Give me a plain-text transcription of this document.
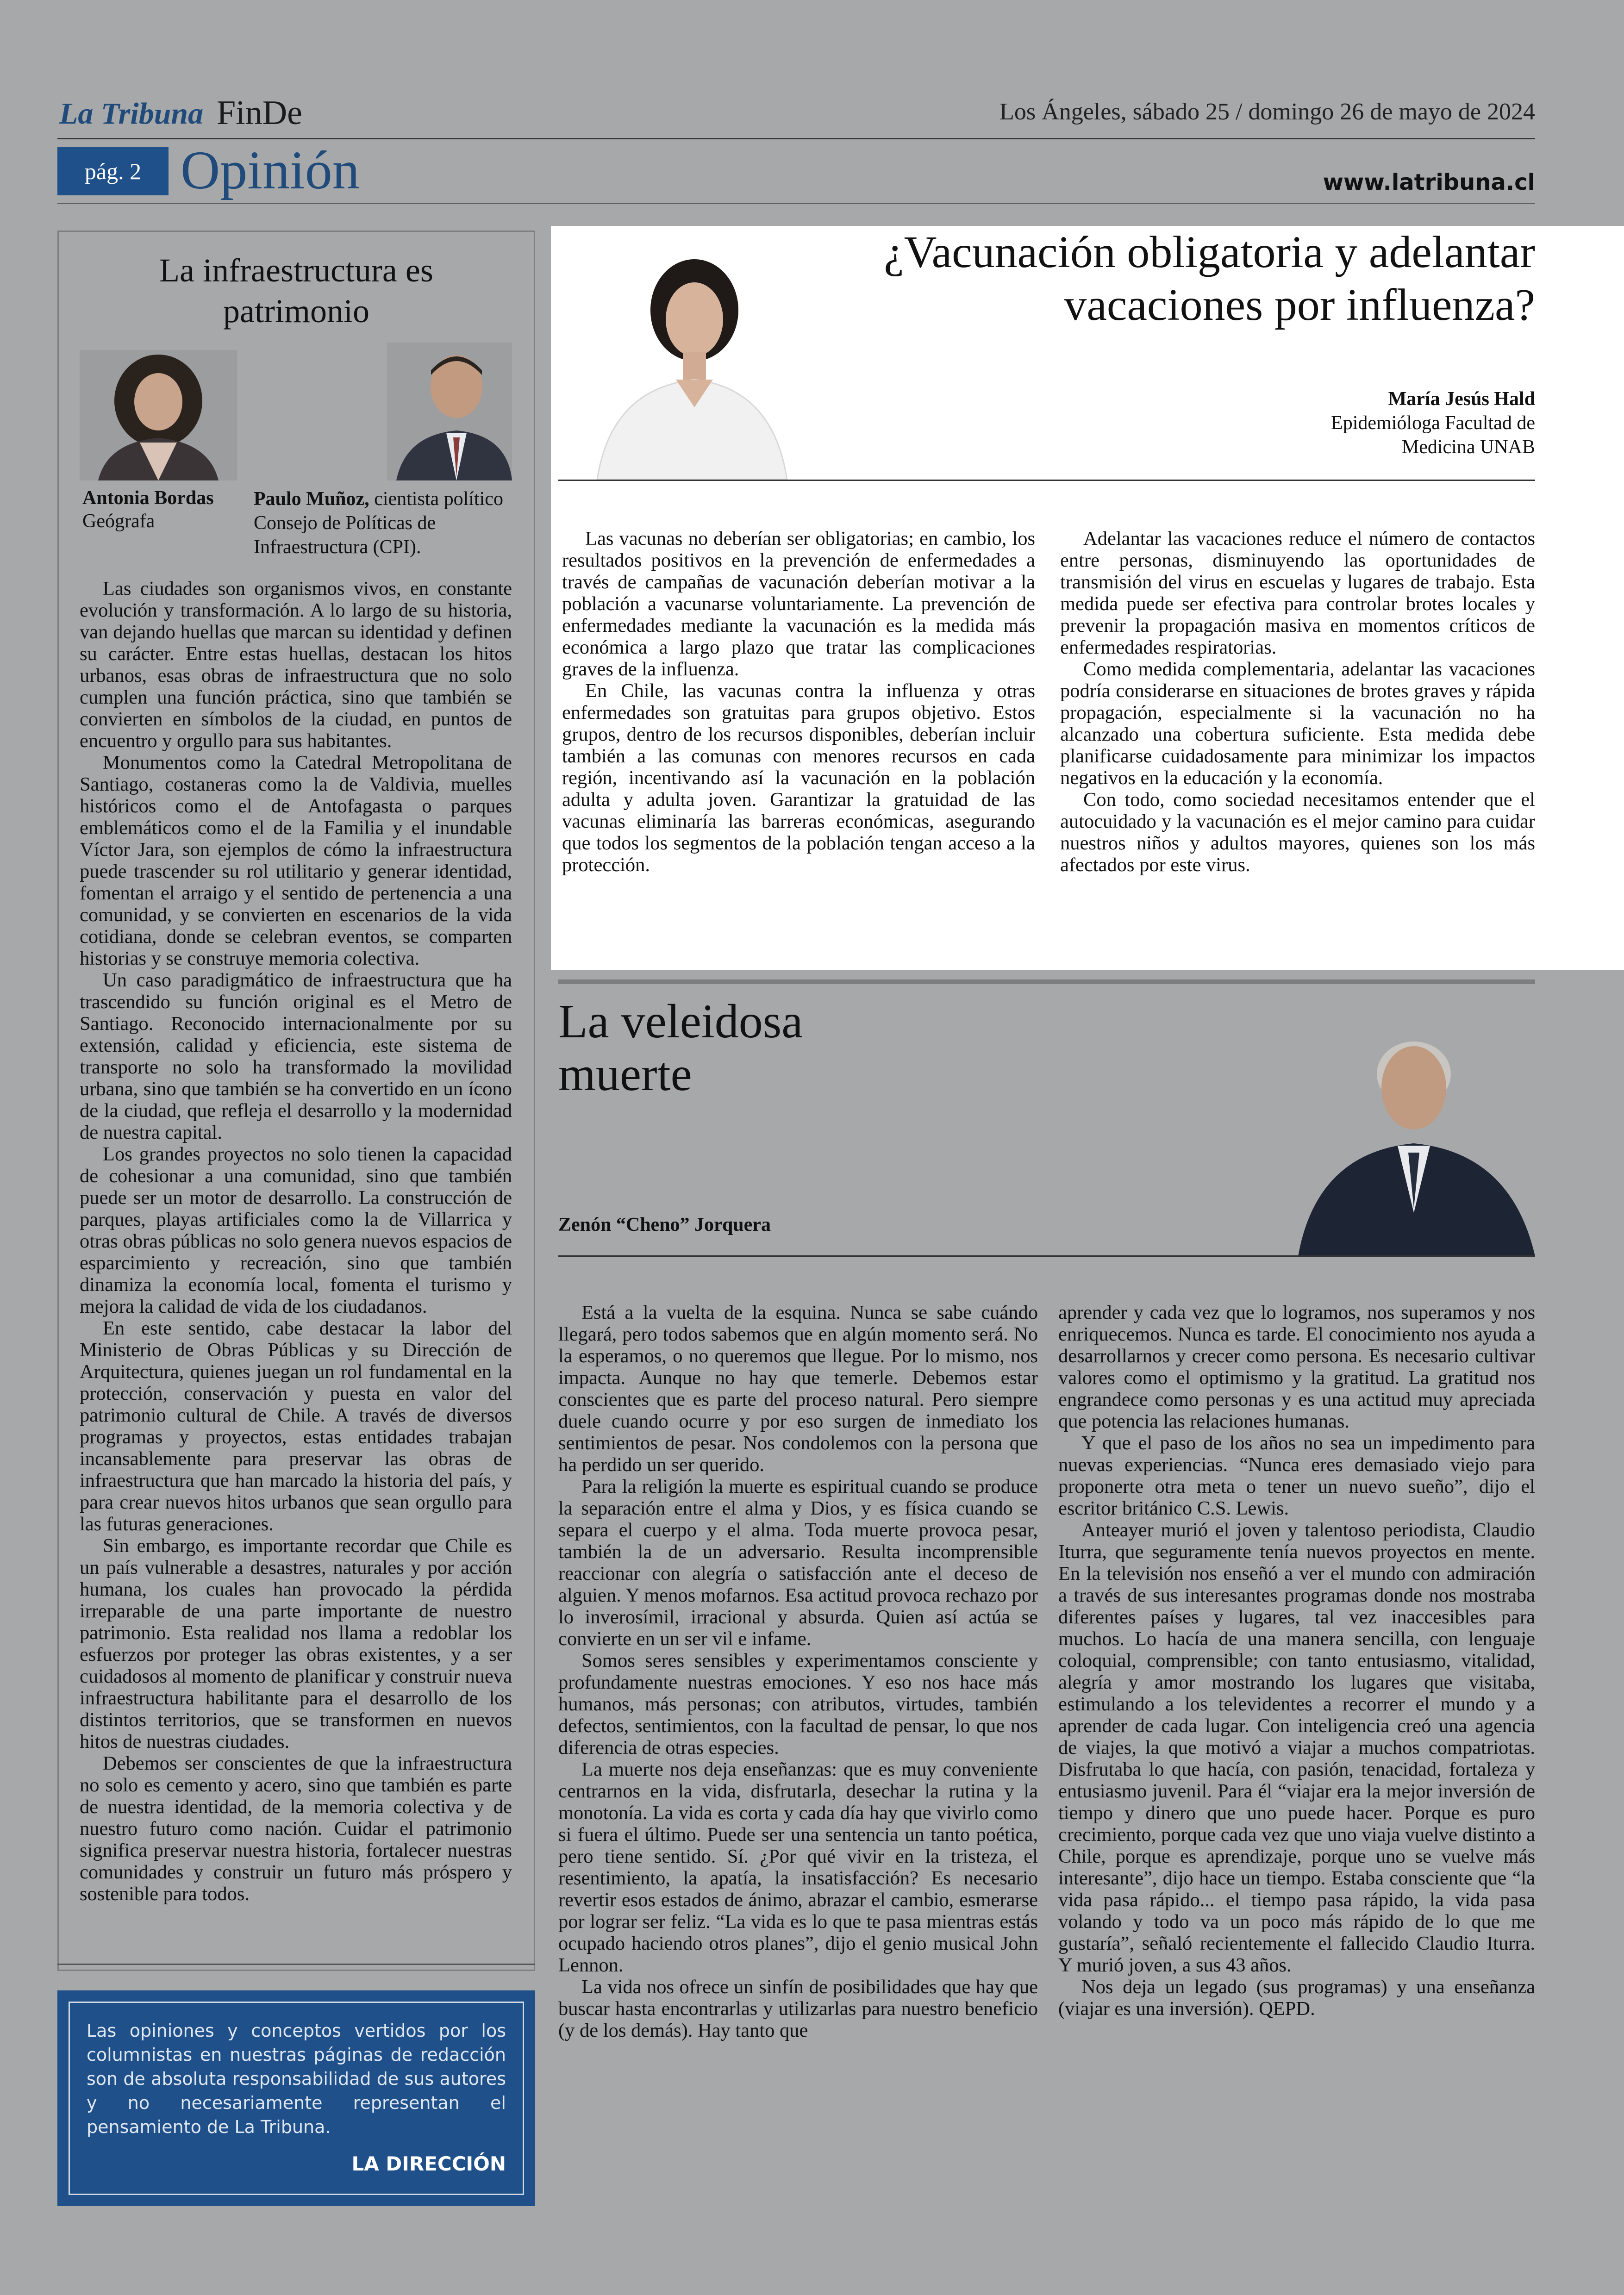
La Tribuna FinDe	Los Ángeles, sábado 25 / domingo 26 de mayo de 2024
pág. 2 Opinión	www.latribuna.cl
La infraestructura es
patrimonio
Antonia Bordas
Geógrafa
Paulo Muñoz, cientista político
Consejo de Políticas de
Infraestructura (CPI).

Las ciudades son organismos vivos, en constante evolución y transformación. A lo largo de su historia, van dejando huellas que marcan su identidad y definen su carácter. Entre estas huellas, destacan los hitos urbanos, esas obras de infraestructura que no solo cumplen una función práctica, sino que también se convierten en símbolos de la ciudad, en puntos de encuentro y orgullo para sus habitantes.

Monumentos como la Catedral Metropolitana de Santiago, costaneras como la de Valdivia, muelles históricos como el de Antofagasta o parques emblemáticos como el de la Familia y el inundable Víctor Jara, son ejemplos de cómo la infraestructura puede trascender su rol utilitario y generar identidad, fomentan el arraigo y el sentido de pertenencia a una comunidad, y se convierten en escenarios de la vida cotidiana, donde se celebran eventos, se comparten historias y se construye memoria colectiva.

Un caso paradigmático de infraestructura que ha trascendido su función original es el Metro de Santiago. Reconocido internacionalmente por su extensión, calidad y eficiencia, este sistema de transporte no solo ha transformado la movilidad urbana, sino que también se ha convertido en un ícono de la ciudad, que refleja el desarrollo y la modernidad de nuestra capital.

Los grandes proyectos no solo tienen la capacidad de cohesionar a una comunidad, sino que también puede ser un motor de desarrollo. La construcción de parques, playas artificiales como la de Villarrica y otras obras públicas no solo genera nuevos espacios de esparcimiento y recreación, sino que también dinamiza la economía local, fomenta el turismo y mejora la calidad de vida de los ciudadanos.

En este sentido, cabe destacar la labor del Ministerio de Obras Públicas y su Dirección de Arquitectura, quienes juegan un rol fundamental en la protección, conservación y puesta en valor del patrimonio cultural de Chile. A través de diversos programas y proyectos, estas entidades trabajan incansablemente para preservar las obras de infraestructura que han marcado la historia del país, y para crear nuevos hitos urbanos que sean orgullo para las futuras generaciones.

Sin embargo, es importante recordar que Chile es un país vulnerable a desastres, naturales y por acción humana, los cuales han provocado la pérdida irreparable de una parte importante de nuestro patrimonio. Esta realidad nos llama a redoblar los esfuerzos por proteger las obras existentes, y a ser cuidadosos al momento de planificar y construir nueva infraestructura habilitante para el desarrollo de los distintos territorios, que se transformen en nuevos hitos de nuestras ciudades.

Debemos ser conscientes de que la infraestructura no solo es cemento y acero, sino que también es parte de nuestra identidad, de la memoria colectiva y de nuestro futuro como nación. Cuidar el patrimonio significa preservar nuestra historia, fortalecer nuestras comunidades y construir un futuro más próspero y sostenible para todos.

Las opiniones y conceptos vertidos por los columnistas en nuestras páginas de redacción son de absoluta responsabilidad de sus autores y no necesariamente representan el pensamiento de La Tribuna.
LA DIRECCIÓN
¿Vacunación obligatoria y adelantar
vacaciones por influenza?
María Jesús Hald
Epidemióloga Facultad de
Medicina UNAB

Las vacunas no deberían ser obligatorias; en cambio, los resultados positivos en la prevención de enfermedades a través de campañas de vacunación deberían motivar a la población a vacunarse voluntariamente. La prevención de enfermedades mediante la vacunación es la medida más económica a largo plazo que tratar las complicaciones graves de la influenza.

En Chile, las vacunas contra la influenza y otras enfermedades son gratuitas para grupos objetivo. Estos grupos, dentro de los recursos disponibles, deberían incluir también a las comunas con menores recursos en cada región, incentivando así la vacunación en la población adulta y adulta joven. Garantizar la gratuidad de las vacunas eliminaría las barreras económicas, asegurando que todos los segmentos de la población tengan acceso a la protección.

Adelantar las vacaciones reduce el número de contactos entre personas, disminuyendo las oportunidades de transmisión del virus en escuelas y lugares de trabajo. Esta medida puede ser efectiva para controlar brotes locales y prevenir la propagación masiva en momentos críticos de enfermedades respiratorias.

Como medida complementaria, adelantar las vacaciones podría considerarse en situaciones de brotes graves y rápida propagación, especialmente si la vacunación no ha alcanzado una cobertura suficiente. Esta medida debe planificarse cuidadosamente para minimizar los impactos negativos en la educación y la economía.

Con todo, como sociedad necesitamos entender que el autocuidado y la vacunación es el mejor camino para cuidar nuestros niños y adultos mayores, quienes son los más afectados por este virus.

La veleidosa
muerte
Zenón “Cheno” Jorquera

Está a la vuelta de la esquina. Nunca se sabe cuándo llegará, pero todos sabemos que en algún momento será. No la esperamos, o no queremos que llegue. Por lo mismo, nos impacta. Aunque no hay que temerle. Debemos estar conscientes que es parte del proceso natural. Pero siempre duele cuando ocurre y por eso surgen de inmediato los sentimientos de pesar. Nos condolemos con la persona que ha perdido un ser querido.

Para la religión la muerte es espiritual cuando se produce la separación entre el alma y Dios, y es física cuando se separa el cuerpo y el alma. Toda muerte provoca pesar, también la de un adversario. Resulta incomprensible reaccionar con alegría o satisfacción ante el deceso de alguien. Y menos mofarnos. Esa actitud provoca rechazo por lo inverosímil, irracional y absurda. Quien así actúa se convierte en un ser vil e infame.

Somos seres sensibles y experimentamos consciente y profundamente nuestras emociones. Y eso nos hace más humanos, más personas; con atributos, virtudes, también defectos, sentimientos, con la facultad de pensar, lo que nos diferencia de otras especies.

La muerte nos deja enseñanzas: que es muy conveniente centrarnos en la vida, disfrutarla, desechar la rutina y la monotonía. La vida es corta y cada día hay que vivirlo como si fuera el último. Puede ser una sentencia un tanto poética, pero tiene sentido. Sí. ¿Por qué vivir en la tristeza, el resentimiento, la apatía, la insatisfacción? Es necesario revertir esos estados de ánimo, abrazar el cambio, esmerarse por lograr ser feliz. “La vida es lo que te pasa mientras estás ocupado haciendo otros planes”, dijo el genio musical John Lennon.

La vida nos ofrece un sinfín de posibilidades que hay que buscar hasta encontrarlas y utilizarlas para nuestro beneficio (y de los demás). Hay tanto que

aprender y cada vez que lo logramos, nos superamos y nos enriquecemos. Nunca es tarde. El conocimiento nos ayuda a desarrollarnos y crecer como persona. Es necesario cultivar valores como el optimismo y la gratitud. La gratitud nos engrandece como personas y es una actitud muy apreciada que potencia las relaciones humanas.

Y que el paso de los años no sea un impedimento para nuevas experiencias. “Nunca eres demasiado viejo para proponerte otra meta o tener un nuevo sueño”, dijo el escritor británico C.S. Lewis.

Anteayer murió el joven y talentoso periodista, Claudio Iturra, que seguramente tenía nuevos proyectos en mente. En la televisión nos enseñó a ver el mundo con admiración a través de sus interesantes programas donde nos mostraba diferentes países y lugares, tal vez inaccesibles para muchos. Lo hacía de una manera sencilla, con lenguaje coloquial, comprensible; con tanto entusiasmo, vitalidad, alegría y amor mostrando los lugares que visitaba, estimulando a los televidentes a recorrer el mundo y a aprender de cada lugar. Con inteligencia creó una agencia de viajes, la que motivó a viajar a muchos compatriotas. Disfrutaba lo que hacía, con pasión, tenacidad, fortaleza y entusiasmo juvenil. Para él “viajar era la mejor inversión de tiempo y dinero que uno puede hacer. Porque es puro crecimiento, porque cada vez que uno viaja vuelve distinto a Chile, porque es aprendizaje, porque uno se vuelve más interesante”, dijo hace un tiempo. Estaba consciente que “la vida pasa rápido... el tiempo pasa rápido, la vida pasa volando y todo va un poco más rápido de lo que me gustaría”, señaló recientemente el fallecido Claudio Iturra. Y murió joven, a sus 43 años.

Nos deja un legado (sus programas) y una enseñanza (viajar es una inversión). QEPD.
